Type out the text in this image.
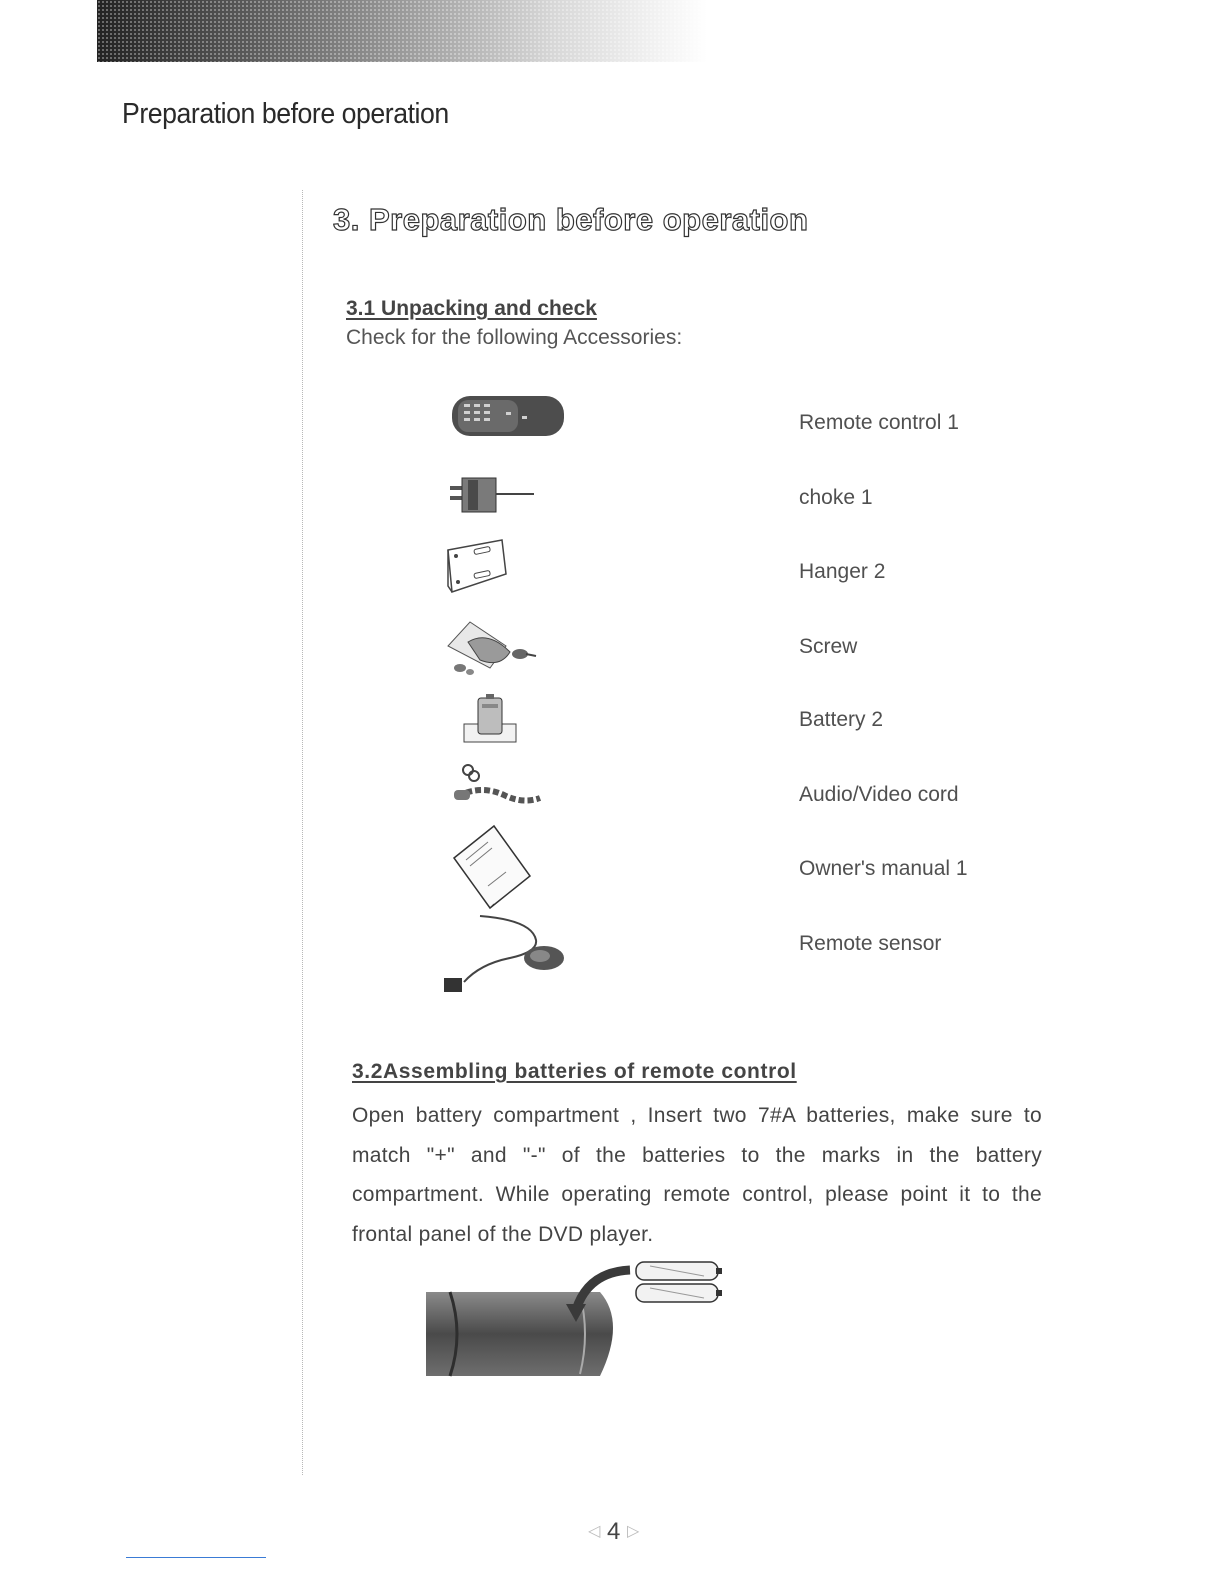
Preparation before operation
3. Preparation before operation
3.1 Unpacking and check

Check for the following Accessories:

Remote control 1

choke 1

Hanger 2

Screw

Battery 2

Audio/Video cord

Owner's manual 1

Remote sensor

3.2Assembling batteries of remote control

Open battery compartment , Insert two 7#A batteries, make sure to match "+" and "-" of the batteries to the marks in the battery compartment. While operating remote control, please point it to the frontal panel of the DVD player.

◁ 4 ▷
